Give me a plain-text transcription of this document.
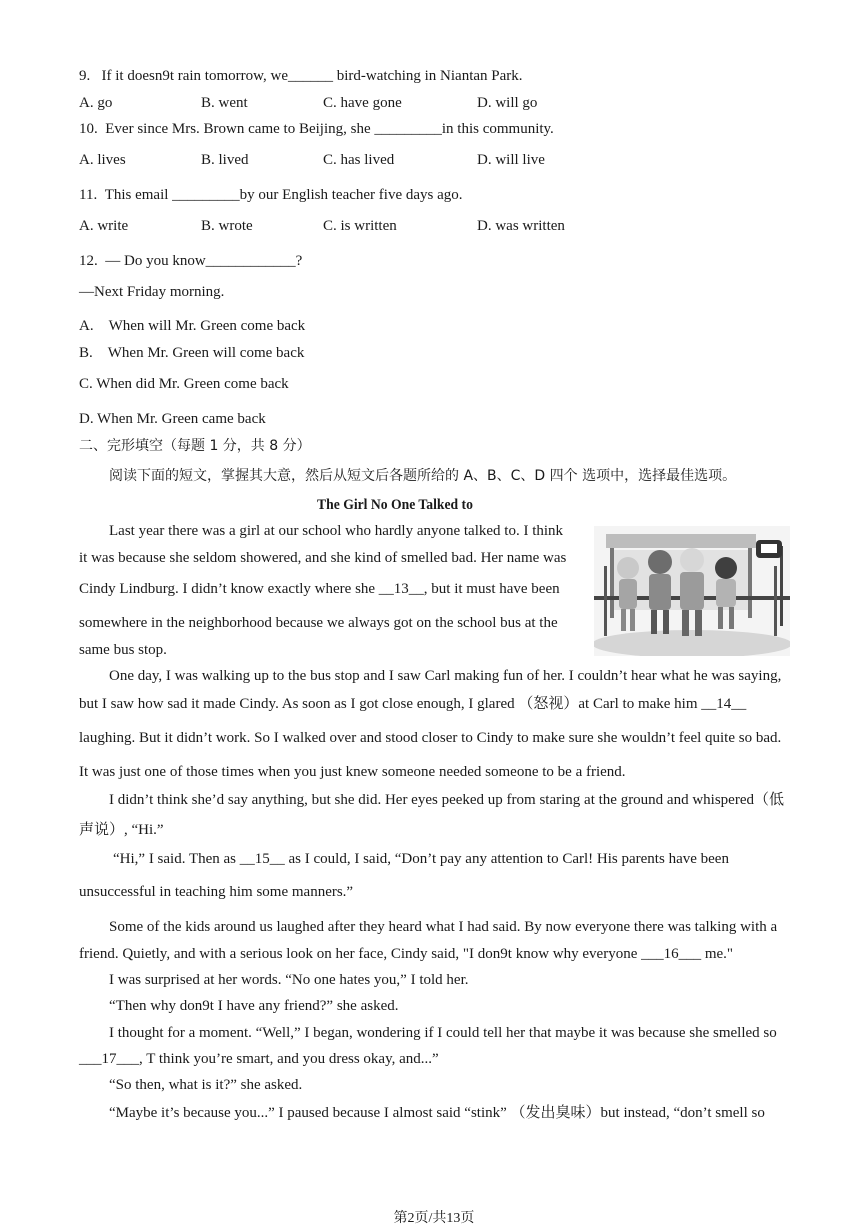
9.   If it doesn9t rain tomorrow, we______ bird-watching in Niantan Park.
A. go	B. went	C. have gone	D. will go
10.  Ever since Mrs. Brown came to Beijing, she _________in this community.
A. lives	B. lived	C. has lived	D. will live
11.  This email _________by our English teacher five days ago.
A. write	B. wrote	C. is written	D. was written
12.  — Do you know____________?
—Next Friday morning.
A.    When will Mr. Green come back
B.    When Mr. Green will come back
C. When did Mr. Green come back
D. When Mr. Green came back
二、完形填空（每题 1 分，共 8 分）
阅读下面的短文，掌握其大意，然后从短文后各题所给的 A、B、C、D 四个 选项中，选择最佳选项。
The Girl No One Talked to
Last year there was a girl at our school who hardly anyone talked to. I think
it was because she seldom showered, and she kind of smelled bad. Her name was
Cindy Lindburg. I didn’t know exactly where she __13__, but it must have been
somewhere in the neighborhood because we always got on the school bus at the
same bus stop.
One day, I was walking up to the bus stop and I saw Carl making fun of her. I couldn’t hear what he was saying,
but I saw how sad it made Cindy. As soon as I got close enough, I glared （怒视）at Carl to make him __14__
laughing. But it didn’t work. So I walked over and stood closer to Cindy to make sure she wouldn’t feel quite so bad.
It was just one of those times when you just knew someone needed someone to be a friend.
I didn’t think she’d say anything, but she did. Her eyes peeked up from staring at the ground and whispered（低
声说）, “Hi.”
“Hi,” I said. Then as __15__ as I could, I said, “Don’t pay any attention to Carl! His parents have been
unsuccessful in teaching him some manners.”
Some of the kids around us laughed after they heard what I had said. By now everyone there was talking with a
friend. Quietly, and with a serious look on her face, Cindy said, "I don9t know why everyone ___16___ me."
I was surprised at her words. “No one hates you,” I told her.
“Then why don9t I have any friend?” she asked.
I thought for a moment. “Well,” I began, wondering if I could tell her that maybe it was because she smelled so
___17___, T think you’re smart, and you dress okay, and...”
“So then, what is it?” she asked.
“Maybe it’s because you...” I paused because I almost said “stink” （发出臭味）but instead, “don’t smell so
第2页/共13页
